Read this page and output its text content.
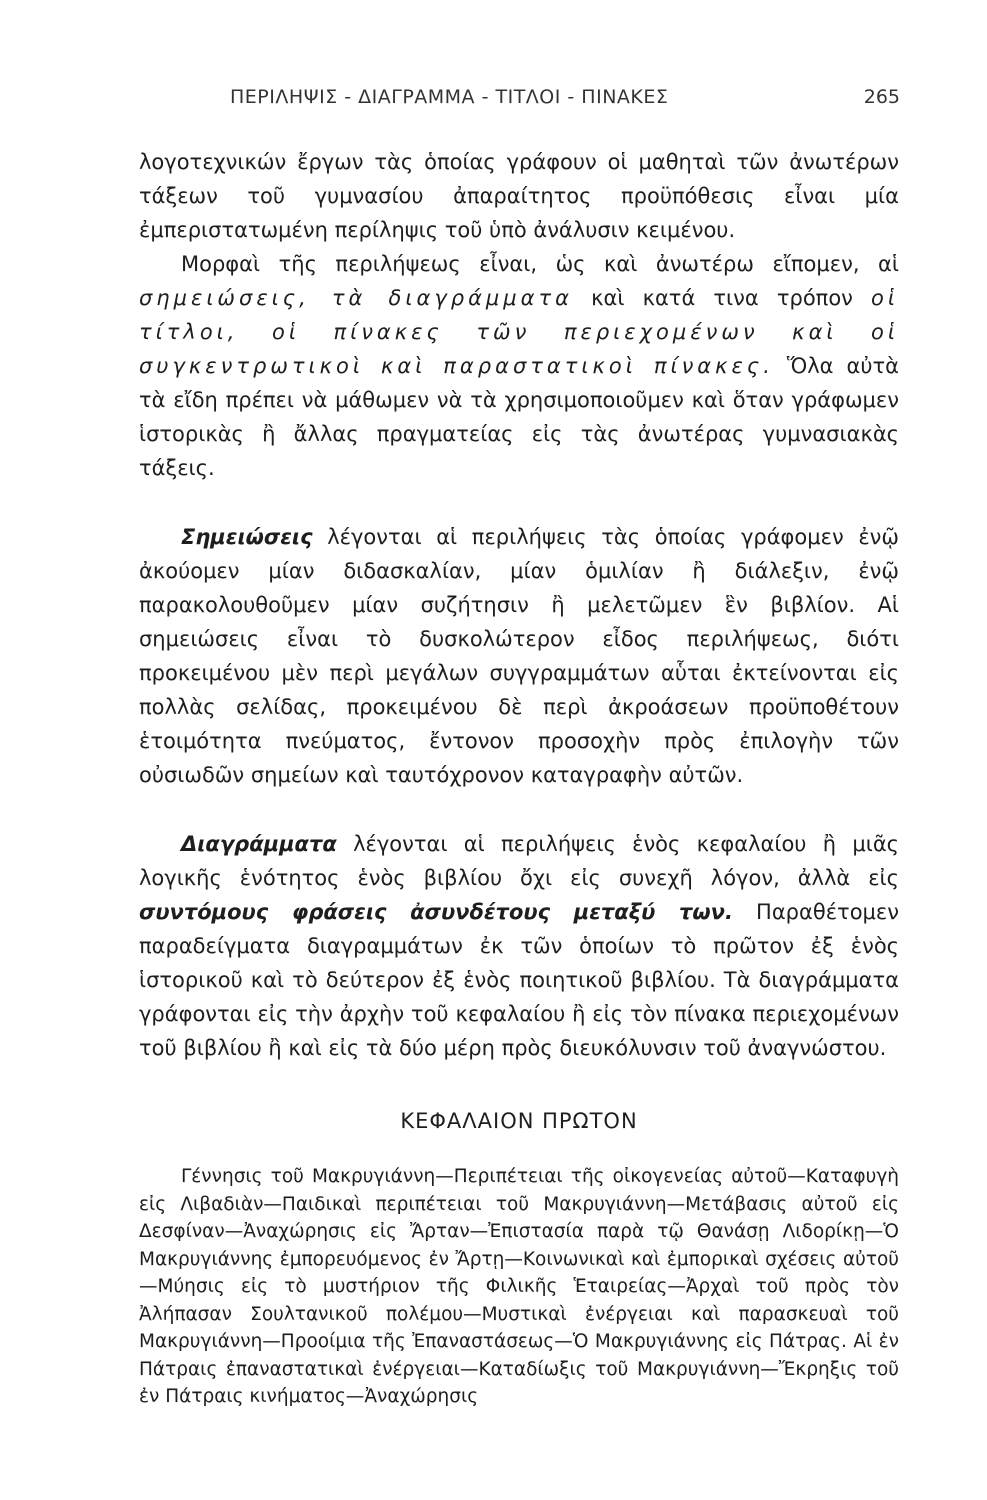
ΠΕΡΙΛΗΨΙΣ - ΔΙΑΓΡΑΜΜΑ - ΤΙΤΛΟΙ - ΠΙΝΑΚΕΣ	265

λογοτεχνικών ἔργων τὰς ὁποίας γράφουν οἱ μαθηταὶ τῶν ἀνωτέρων τάξεων τοῦ γυμνασίου ἀπαραίτητος προϋπόθεσις εἶναι μία ἐμπεριστατωμένη περίληψις τοῦ ὑπὸ ἀνάλυσιν κειμένου.

Μορφαὶ τῆς περιλήψεως εἶναι, ὡς καὶ ἀνωτέρω εἴπομεν, αἱ σημειώσεις, τὰ διαγράμματα καὶ κατά τινα τρόπον οἱ τίτλοι, οἱ πίνακες τῶν περιεχομένων καὶ οἱ συγκεντρωτικοὶ καὶ παραστατικοὶ πίνακες. Ὅλα αὐτὰ τὰ εἴδη πρέπει νὰ μάθωμεν νὰ τὰ χρησιμοποιοῦμεν καὶ ὅταν γράφωμεν ἱστορικὰς ἢ ἄλλας πραγματείας εἰς τὰς ἀνωτέρας γυμνασιακὰς τάξεις.

Σημειώσεις λέγονται αἱ περιλήψεις τὰς ὁποίας γράφομεν ἐνῷ ἀκούομεν μίαν διδασκαλίαν, μίαν ὁμιλίαν ἢ διάλεξιν, ἐνῷ παρακολουθοῦμεν μίαν συζήτησιν ἢ μελετῶμεν ἓν βιβλίον. Αἱ σημειώσεις εἶναι τὸ δυσκολώτερον εἶδος περιλήψεως, διότι προκειμένου μὲν περὶ μεγάλων συγγραμμάτων αὗται ἐκτείνονται εἰς πολλὰς σελίδας, προκειμένου δὲ περὶ ἀκροάσεων προϋποθέτουν ἑτοιμότητα πνεύματος, ἔντονον προσοχὴν πρὸς ἐπιλογὴν τῶν οὐσιωδῶν σημείων καὶ ταυτόχρονον καταγραφὴν αὐτῶν.

Διαγράμματα λέγονται αἱ περιλήψεις ἑνὸς κεφαλαίου ἢ μιᾶς λογικῆς ἑνότητος ἑνὸς βιβλίου ὄχι εἰς συνεχῆ λόγον, ἀλλὰ εἰς συντόμους φράσεις ἀσυνδέτους μεταξύ των. Παραθέτομεν παραδείγματα διαγραμμάτων ἐκ τῶν ὁποίων τὸ πρῶτον ἐξ ἑνὸς ἱστορικοῦ καὶ τὸ δεύτερον ἐξ ἑνὸς ποιητικοῦ βιβλίου. Τὰ διαγράμματα γράφονται εἰς τὴν ἀρχὴν τοῦ κεφαλαίου ἢ εἰς τὸν πίνακα περιεχομένων τοῦ βιβλίου ἢ καὶ εἰς τὰ δύο μέρη πρὸς διευκόλυνσιν τοῦ ἀναγνώστου.

ΚΕΦΑΛΑΙΟΝ ΠΡΩΤΟΝ

Γέννησις τοῦ Μακρυγιάννη—Περιπέτειαι τῆς οἰκογενείας αὐτοῦ—Καταφυγὴ εἰς Λιβαδιὰν—Παιδικαὶ περιπέτειαι τοῦ Μακρυγιάννη—Μετάβασις αὐτοῦ εἰς Δεσφίναν—Ἀναχώρησις εἰς Ἄρταν—Ἐπιστασία παρὰ τῷ Θανάσῃ Λιδορίκῃ—Ὁ Μακρυγιάννης ἐμπορευόμενος ἐν Ἄρτῃ—Κοινωνικαὶ καὶ ἐμπορικαὶ σχέσεις αὐτοῦ—Μύησις εἰς τὸ μυστήριον τῆς Φιλικῆς Ἑταιρείας—Ἀρχαὶ τοῦ πρὸς τὸν Ἀλήπασαν Σουλτανικοῦ πολέμου—Μυστικαὶ ἐνέργειαι καὶ παρασκευαὶ τοῦ Μακρυγιάννη—Προοίμια τῆς Ἐπαναστάσεως—Ὁ Μακρυγιάννης εἰς Πάτρας. Αἱ ἐν Πάτραις ἐπαναστατικαὶ ἐνέργειαι—Καταδίωξις τοῦ Μακρυγιάννη—Ἔκρηξις τοῦ ἐν Πάτραις κινήματος—Ἀναχώρησις
